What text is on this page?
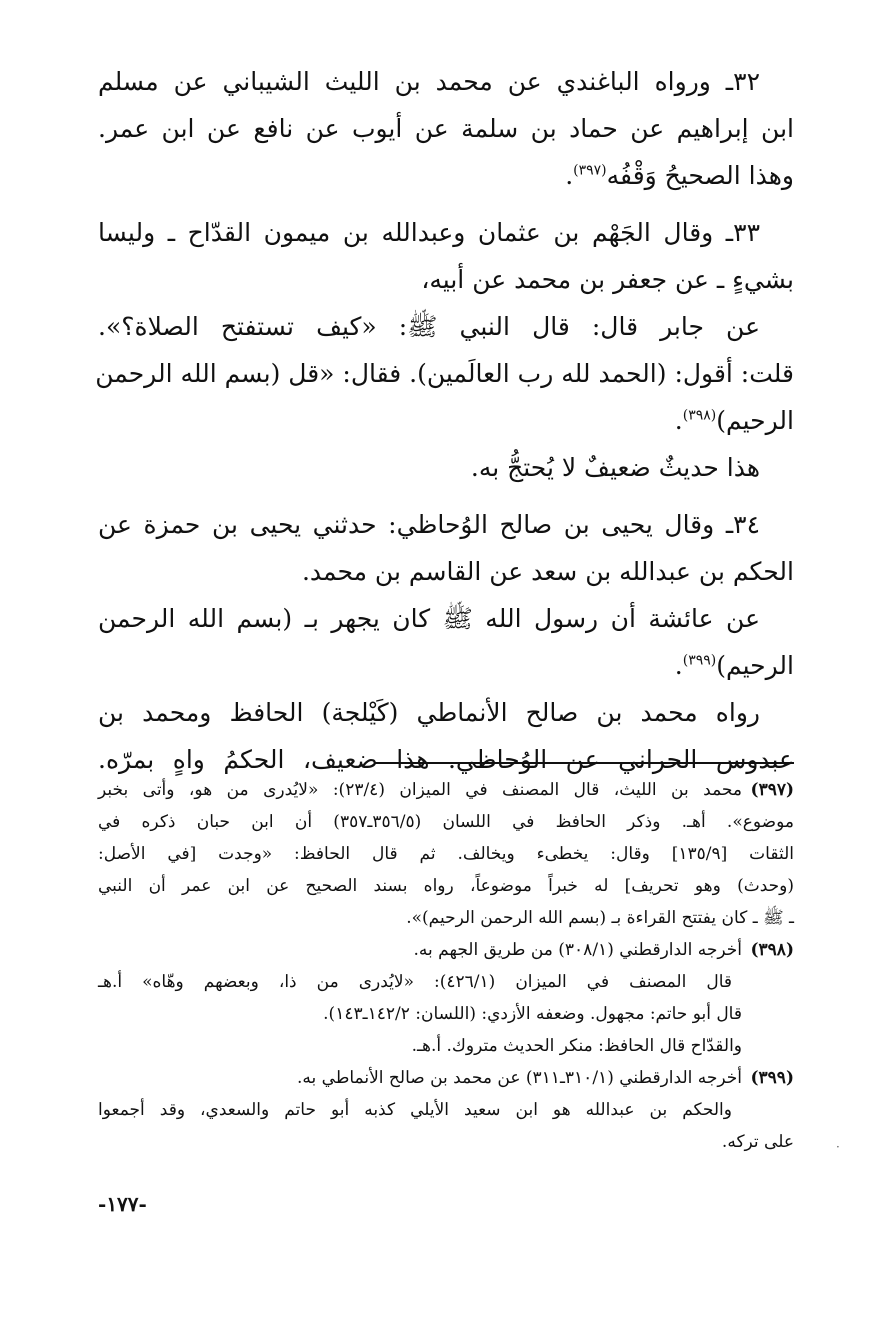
٣٢ـ ورواه الباغندي عن محمد بن الليث الشيباني عن مسلم
ابن إبراهيم عن حماد بن سلمة عن أيوب عن نافع عن ابن عمر.
وهذا الصحيحُ وَقْفُه$^{(٣٩٧)}$.
٣٣ـ وقال الجَهْم بن عثمان وعبدالله بن ميمون القدّاح ـ وليسا
بشيءٍ ـ عن جعفر بن محمد عن أبيه،
عن جابر قال: قال النبي ﷺ: «كيف تستفتح الصلاة؟».
قلت: أقول: (الحمد لله رب العالَمين). فقال: «قل (بسم الله الرحمن
الرحيم)$^{(٣٩٨)}$.
هذا حديثٌ ضعيفٌ لا يُحتجُّ به.
٣٤ـ وقال يحيى بن صالح الوُحاظي: حدثني يحيى بن حمزة عن
الحكم بن عبدالله بن سعد عن القاسم بن محمد.
عن عائشة أن رسول الله ﷺ كان يجهر بـ (بسم الله الرحمن
الرحيم)$^{(٣٩٩)}$.
رواه محمد بن صالح الأنماطي (كَيْلجة) الحافظ ومحمد بن
عبدوس الحراني عن الوُحاظي. هذا ضعيف، الحكمُ واهٍ بمرّه.
(٣٩٧)محمد بن الليث، قال المصنف في الميزان (٢٣/٤): «لايُدرى من هو، وأتى بخبر
موضوع». أهـ. وذكر الحافظ في اللسان (٣٥٦/٥ـ٣٥٧) أن ابن حبان ذكره في
الثقات [١٣٥/٩] وقال: يخطىء ويخالف. ثم قال الحافظ: «وجدت [في الأصل:
(وحدث) وهو تحريف] له خبراً موضوعاً، رواه بسند الصحيح عن ابن عمر أن النبي
ـ ﷺ ـ كان يفتتح القراءة بـ (بسم الله الرحمن الرحيم)».
(٣٩٨)أخرجه الدارقطني (٣٠٨/١) من طريق الجهم به.
قال المصنف في الميزان (٤٢٦/١): «لايُدرى من ذا، وبعضهم وهّاه» أ.هـ
قال أبو حاتم: مجهول. وضعفه الأزدي: (اللسان: ١٤٢/٢ـ١٤٣).
والقدّاح قال الحافظ: منكر الحديث متروك. أ.هـ.
(٣٩٩)أخرجه الدارقطني (٣١٠/١ـ٣١١) عن محمد بن صالح الأنماطي به.
والحكم بن عبدالله هو ابن سعيد الأيلي كذبه أبو حاتم والسعدي، وقد أجمعوا
على تركه.	·
-١٧٧-
